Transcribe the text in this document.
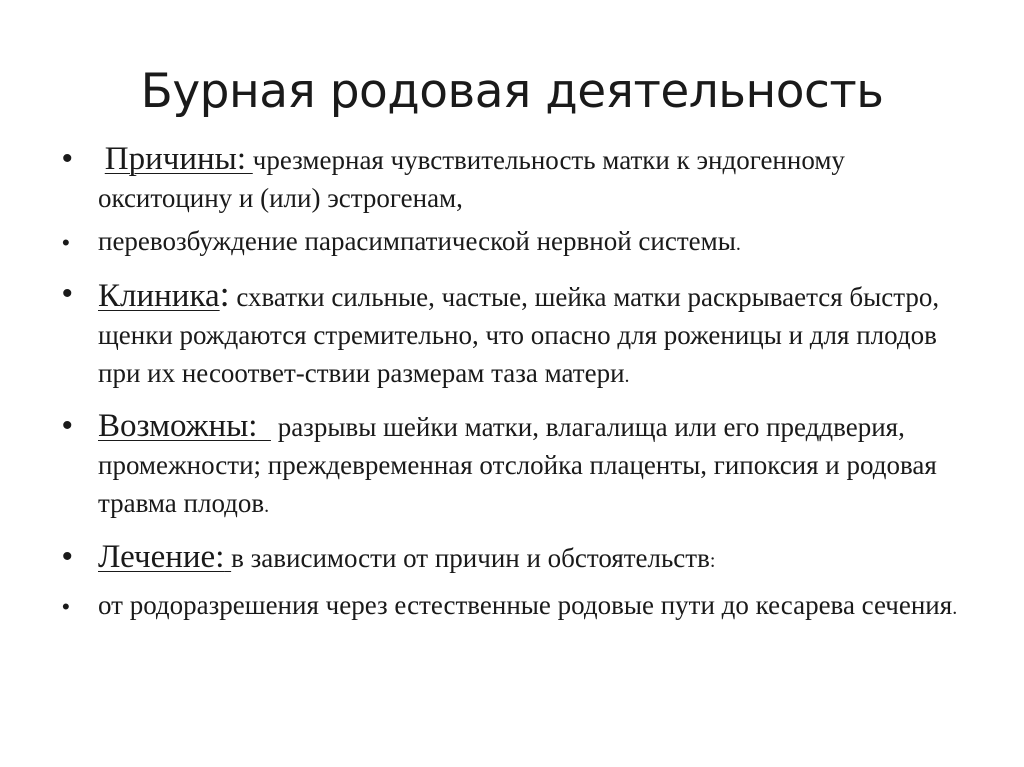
Бурная родовая деятельность
• Причины: чрезмерная чувствительность матки к эндогенному окситоцину и (или) эстрогенам,
• перевозбуждение парасимпатической нервной системы.
• Клиника: схватки сильные, частые, шейка матки раскрывается быстро, щенки рождаются стремительно, что опасно для роженицы и для плодов при их несоответ-ствии размерам таза матери.
• Возможны:   разрывы шейки матки, влагалища или его преддверия, промежности; преждевременная отслойка плаценты, гипоксия и родовая травма плодов.
• Лечение: в зависимости от причин и обстоятельств:
• от родоразрешения через естественные родовые пути до кесарева сечения.
